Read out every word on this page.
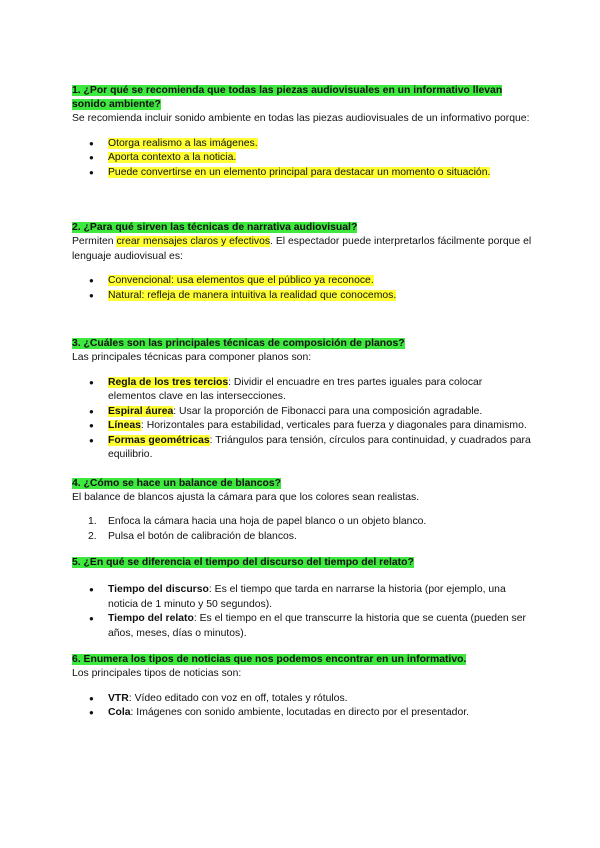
1. ¿Por qué se recomienda que todas las piezas audiovisuales en un informativo llevan sonido ambiente?
Se recomienda incluir sonido ambiente en todas las piezas audiovisuales de un informativo porque:
● Otorga realismo a las imágenes.
● Aporta contexto a la noticia.
● Puede convertirse en un elemento principal para destacar un momento o situación.
2. ¿Para qué sirven las técnicas de narrativa audiovisual?
Permiten crear mensajes claros y efectivos. El espectador puede interpretarlos fácilmente porque el lenguaje audiovisual es:
● Convencional: usa elementos que el público ya reconoce.
● Natural: refleja de manera intuitiva la realidad que conocemos.
3. ¿Cuáles son las principales técnicas de composición de planos?
Las principales técnicas para componer planos son:
● Regla de los tres tercios: Dividir el encuadre en tres partes iguales para colocar elementos clave en las intersecciones.
● Espiral áurea: Usar la proporción de Fibonacci para una composición agradable.
● Líneas: Horizontales para estabilidad, verticales para fuerza y diagonales para dinamismo.
● Formas geométricas: Triángulos para tensión, círculos para continuidad, y cuadrados para equilibrio.
4. ¿Cómo se hace un balance de blancos?
El balance de blancos ajusta la cámara para que los colores sean realistas.
1. Enfoca la cámara hacia una hoja de papel blanco o un objeto blanco.
2. Pulsa el botón de calibración de blancos.
5. ¿En qué se diferencia el tiempo del discurso del tiempo del relato?
● Tiempo del discurso: Es el tiempo que tarda en narrarse la historia (por ejemplo, una noticia de 1 minuto y 50 segundos).
● Tiempo del relato: Es el tiempo en el que transcurre la historia que se cuenta (pueden ser años, meses, días o minutos).
6. Enumera los tipos de noticias que nos podemos encontrar en un informativo.
Los principales tipos de noticias son:
● VTR: Vídeo editado con voz en off, totales y rótulos.
● Cola: Imágenes con sonido ambiente, locutadas en directo por el presentador.
